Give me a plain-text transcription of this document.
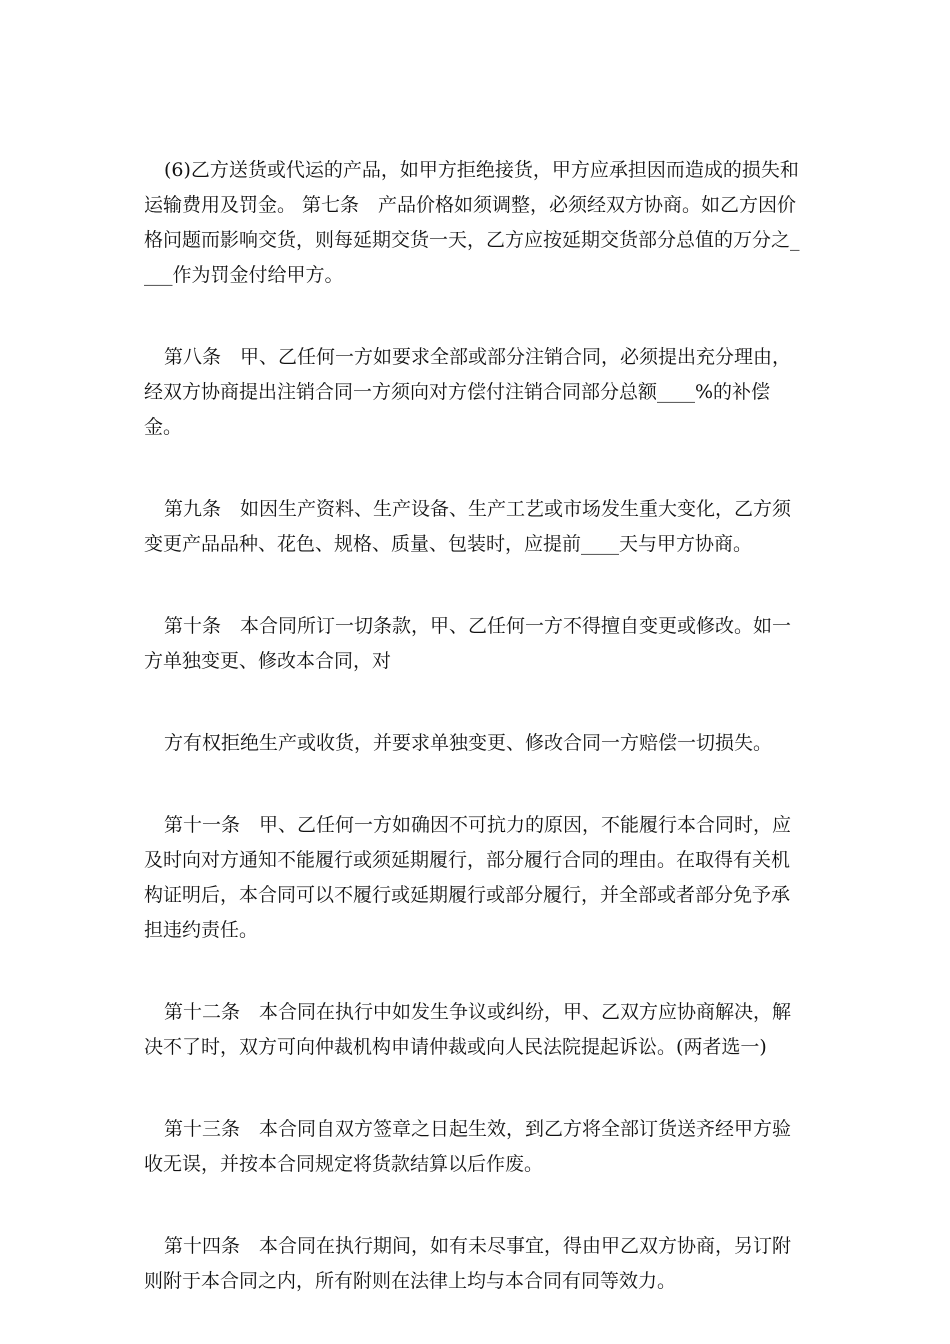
(6)乙方送货或代运的产品，如甲方拒绝接货，甲方应承担因而造成的损失和运输费用及罚金。 第七条　产品价格如须调整，必须经双方协商。如乙方因价格问题而影响交货，则每延期交货一天，乙方应按延期交货部分总值的万分之____作为罚金付给甲方。

第八条　甲、乙任何一方如要求全部或部分注销合同，必须提出充分理由，经双方协商提出注销合同一方须向对方偿付注销合同部分总额____%的补偿金。

第九条　如因生产资料、生产设备、生产工艺或市场发生重大变化，乙方须变更产品品种、花色、规格、质量、包装时，应提前____天与甲方协商。

第十条　本合同所订一切条款，甲、乙任何一方不得擅自变更或修改。如一方单独变更、修改本合同，对

方有权拒绝生产或收货，并要求单独变更、修改合同一方赔偿一切损失。

第十一条　甲、乙任何一方如确因不可抗力的原因，不能履行本合同时，应及时向对方通知不能履行或须延期履行，部分履行合同的理由。在取得有关机构证明后，本合同可以不履行或延期履行或部分履行，并全部或者部分免予承担违约责任。

第十二条　本合同在执行中如发生争议或纠纷，甲、乙双方应协商解决，解决不了时，双方可向仲裁机构申请仲裁或向人民法院提起诉讼。(两者选一)

第十三条　本合同自双方签章之日起生效，到乙方将全部订货送齐经甲方验收无误，并按本合同规定将货款结算以后作废。

第十四条　本合同在执行期间，如有未尽事宜，得由甲乙双方协商，另订附则附于本合同之内，所有附则在法律上均与本合同有同等效力。
